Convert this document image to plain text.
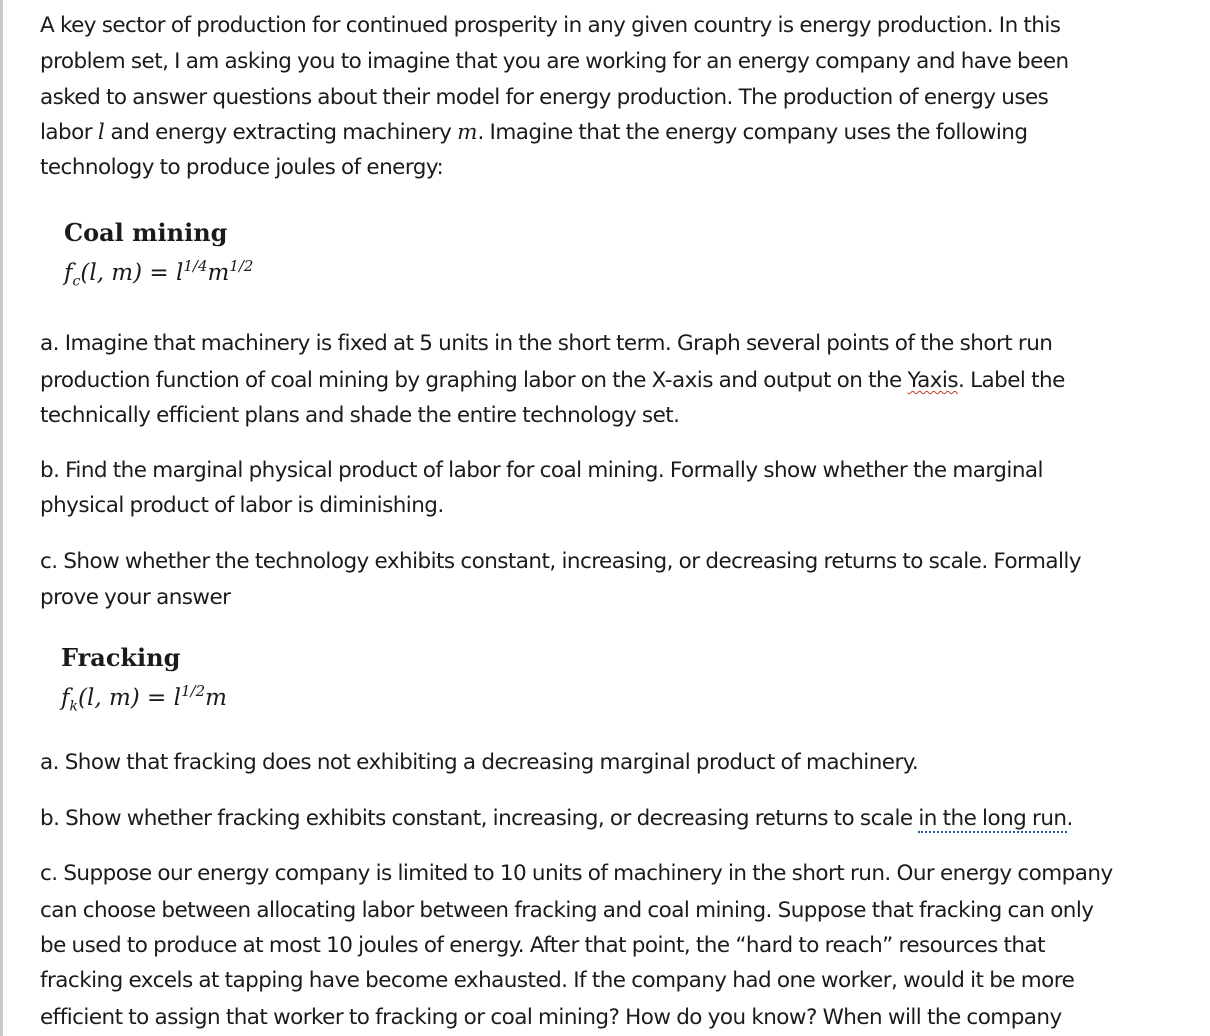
A key sector of production for continued prosperity in any given country is energy production. In this
problem set, I am asking you to imagine that you are working for an energy company and have been
asked to answer questions about their model for energy production. The production of energy uses
labor l and energy extracting machinery m. Imagine that the energy company uses the following
technology to produce joules of energy:
Coal mining
$f_c(l$, $m) = l^{1/4}m^{1/2}$
a. Imagine that machinery is fixed at 5 units in the short term. Graph several points of the short run
production function of coal mining by graphing labor on the X-axis and output on the Yaxis. Label the
technically efficient plans and shade the entire technology set.
b. Find the marginal physical product of labor for coal mining. Formally show whether the marginal
physical product of labor is diminishing.
c. Show whether the technology exhibits constant, increasing, or decreasing returns to scale. Formally
prove your answer
Fracking
$f_k(l$, $m) = l^{1/2}m$
a. Show that fracking does not exhibiting a decreasing marginal product of machinery.
b. Show whether fracking exhibits constant, increasing, or decreasing returns to scale in the long run.
c. Suppose our energy company is limited to 10 units of machinery in the short run. Our energy company
can choose between allocating labor between fracking and coal mining. Suppose that fracking can only
be used to produce at most 10 joules of energy. After that point, the “hard to reach” resources that
fracking excels at tapping have become exhausted. If the company had one worker, would it be more
efficient to assign that worker to fracking or coal mining? How do you know? When will the company
